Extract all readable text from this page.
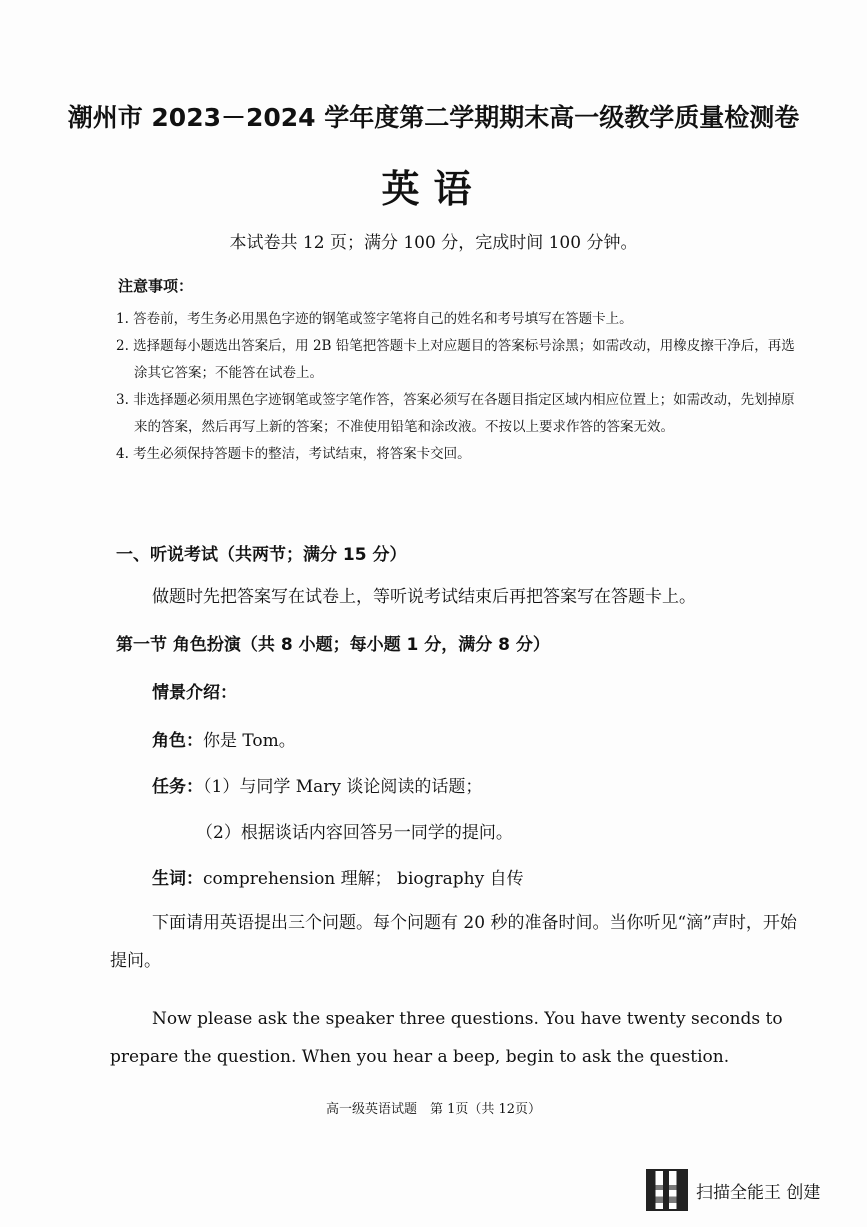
潮州市 2023－2024 学年度第二学期期末高一级教学质量检测卷
英语
本试卷共 12 页；满分 100 分，完成时间 100 分钟。
注意事项：

1. 答卷前，考生务必用黑色字迹的钢笔或签字笔将自己的姓名和考号填写在答题卡上。

2. 选择题每小题选出答案后，用 2B 铅笔把答题卡上对应题目的答案标号涂黑；如需改动，用橡皮擦干净后，再选涂其它答案；不能答在试卷上。

3. 非选择题必须用黑色字迹钢笔或签字笔作答，答案必须写在各题目指定区域内相应位置上；如需改动，先划掉原来的答案，然后再写上新的答案；不准使用铅笔和涂改液。不按以上要求作答的答案无效。

4. 考生必须保持答题卡的整洁，考试结束，将答案卡交回。

一、听说考试（共两节；满分 15 分）
做题时先把答案写在试卷上，等听说考试结束后再把答案写在答题卡上。
第一节 角色扮演（共 8 小题；每小题 1 分，满分 8 分）
情景介绍：
角色：你是 Tom。
任务：（1）与同学 Mary 谈论阅读的话题；
（2）根据谈话内容回答另一同学的提问。
生词：comprehension 理解； biography 自传
下面请用英语提出三个问题。每个问题有 20 秒的准备时间。当你听见“滴”声时，开始提问。
Now please ask the speaker three questions. You have twenty seconds to prepare the question. When you hear a beep, begin to ask the question.
高一级英语试题　第 1页（共 12页）
扫描全能王 创建
